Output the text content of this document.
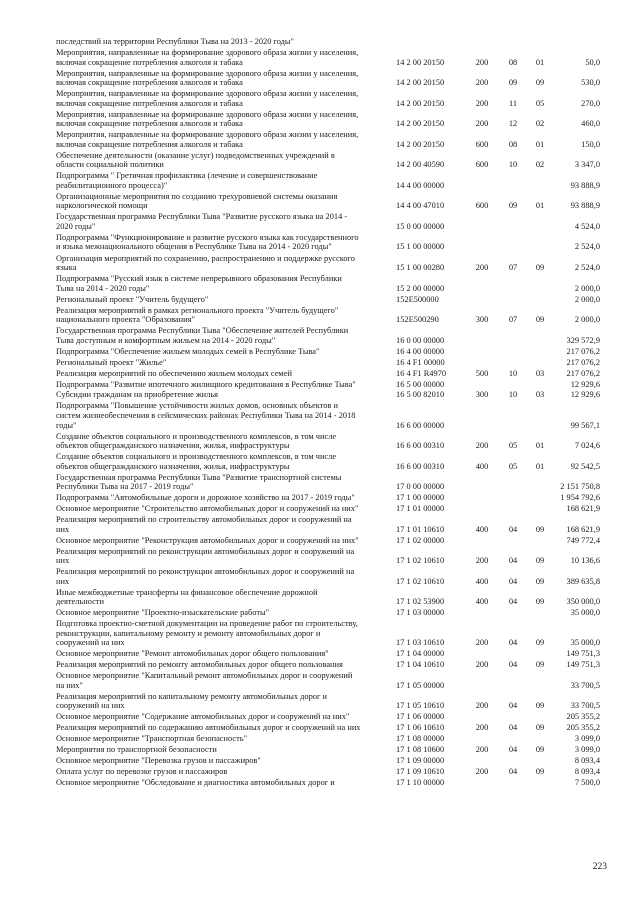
последствий на территории Республики Тыва на 2013 - 2020 годы"
Мероприятия, направленные на формирование здорового образа жизни у населения,
включая сокращение потребления алкоголя и табака	14 2 00 20150	200	08	01	50,0
Мероприятия, направленные на формирование здорового образа жизни у населения,
включая сокращение потребления алкоголя и табака	14 2 00 20150	200	09	09	530,0
Мероприятия, направленные на формирование здорового образа жизни у населения,
включая сокращение потребления алкоголя и табака	14 2 00 20150	200	11	05	270,0
Мероприятия, направленные на формирование здорового образа жизни у населения,
включая сокращение потребления алкоголя и табака	14 2 00 20150	200	12	02	460,0
Мероприятия, направленные на формирование здорового образа жизни у населения,
включая сокращение потребления алкоголя и табака	14 2 00 20150	600	08	01	150,0
Обеспечение деятельности (оказание услуг) подведомственных учреждений в
области социальной политики	14 2 00 40590	600	10	02	3 347,0
Подпрограмма " Гретичная профилактика (лечение и совершенствование
реабилитационного процесса)"	14 4 00 00000	93 888,9
Организационные мероприятия по созданию трехуровневой системы оказания
наркологической помощи	14 4 00 47010	600	09	01	93 888,9
Государственная программа Республики Тыва "Развитие русского языка на 2014 -
2020 годы"	15 0 00 00000	4 524,0
Подпрограмма "Функционирование и развитие русского языка как государственного
и языка межнационального общения в Республике Тыва на 2014 - 2020 годы"	15 1 00 00000	2 524,0
Организация мероприятий по сохранению, распространению и поддержке русского
языка	15 1 00 00280	200	07	09	2 524,0
Подпрограмма "Русский язык в системе непрерывного образования Республики
Тыва на 2014 - 2020 годы"	15 2 00 00000	2 000,0
Региональный проект "Учитель будущего"	152Е500000	2 000,0
Реализация мероприятий в рамках регионального проекта "Учитель будущего"
национального проекта "Образования"	152Е500290	300	07	09	2 000,0
Государственная программа Республики Тыва "Обеспечение жителей Республики
Тыва доступным и комфортным жильем на 2014 - 2020 годы"	16 0 00 00000	329 572,9
Подпрограмма "Обеспечение жильем молодых семей в Республике Тыва"	16 4 00 00000	217 076,2
Региональный проект "Жилье"	16 4 F1 00000	217 076,2
Реализация мероприятий по обеспечению жильем молодых семей	16 4 F1 R4970	500	10	03	217 076,2
Подпрограмма "Развитие ипотечного жилищного кредитования в Республике Тыва"	16 5 00 00000	12 929,6
Субсидии гражданам на приобретение жилья	16 5 00 82010	300	10	03	12 929,6
Подпрограмма "Повышение устойчивости жилых домов, основных объектов и
систем жизнеобеспечения в сейсмических районах Республики Тыва на 2014 - 2018
годы"	16 6 00 00000	99 567,1
Создание объектов социального и производственного комплексов, в том числе
объектов общегражданского назначения, жилья, инфраструктуры	16 6 00 00310	200	05	01	7 024,6
Создание объектов социального и производственного комплексов, в том числе
объектов общегражданского назначения, жилья, инфраструктуры	16 6 00 00310	400	05	01	92 542,5
Государственная программа Республики Тыва "Развитие транспортной системы
Республики Тыва на 2017 - 2019 годы"	17 0 00 00000	2 151 750,8
Подпрограмма "Автомобильные дороги и дорожное хозяйство на 2017 - 2019 годы"	17 1 00 00000	1 954 792,6
Основное мероприятие "Строительство автомобильных дорог и сооружений на них"	17 1 01 00000	168 621,9
Реализация мероприятий по строительству автомобильных дорог и сооружений на
них	17 1 01 10610	400	04	09	168 621,9
Основное мероприятие "Реконструкция автомобильных дорог и сооружений на них"	17 1 02 00000	749 772,4
Реализация мероприятий по реконструкции автомобильных дорог и сооружений на
них	17 1 02 10610	200	04	09	10 136,6
Реализация мероприятий по реконструкции автомобильных дорог и сооружений на
них	17 1 02 10610	400	04	09	389 635,8
Иные межбюджетные трансферты на финансовое обеспечение дорожной
деятельности	17 1 02 53900	400	04	09	350 000,0
Основное мероприятие "Проектно-изыскательские работы"	17 1 03 00000	35 000,0
Подготовка проектно-сметной документации на проведение работ по строительству,
реконструкции, капитальному ремонту и ремонту автомобильных дорог и
сооружений на них	17 1 03 10610	200	04	09	35 000,0
Основное мероприятие "Ремонт автомобильных дорог общего пользования"	17 1 04 00000	149 751,3
Реализация мероприятий по ремонту автомобильных дорог общего пользования	17 1 04 10610	200	04	09	149 751,3
Основное мероприятие "Капитальный ремонт автомобильных дорог и сооружений
на них"	17 1 05 00000	33 700,5
Реализация мероприятий по капитальному ремонту автомобильных дорог и
сооружений на них	17 1 05 10610	200	04	09	33 700,5
Основное мероприятие "Содержание автомобильных дорог и сооружений на них"	17 1 06 00000	205 355,2
Реализация мероприятий по содержанию автомобильных дорог и сооружений на них	17 1 06 10610	200	04	09	205 355,2
Основное мероприятие "Транспортная безопасность"	17 1 08 00000	3 099,0
Мероприятия по транспортной безопасности	17 1 08 10600	200	04	09	3 099,0
Основное мероприятие "Перевозка грузов и пассажиров"	17 1 09 00000	8 093,4
Оплата услуг по перевозке грузов и пассажиров	17 1 09 10610	200	04	09	8 093,4
Основное мероприятие "Обследование и диагностика автомобильных дорог и	17 1 10 00000	7 500,0
223
